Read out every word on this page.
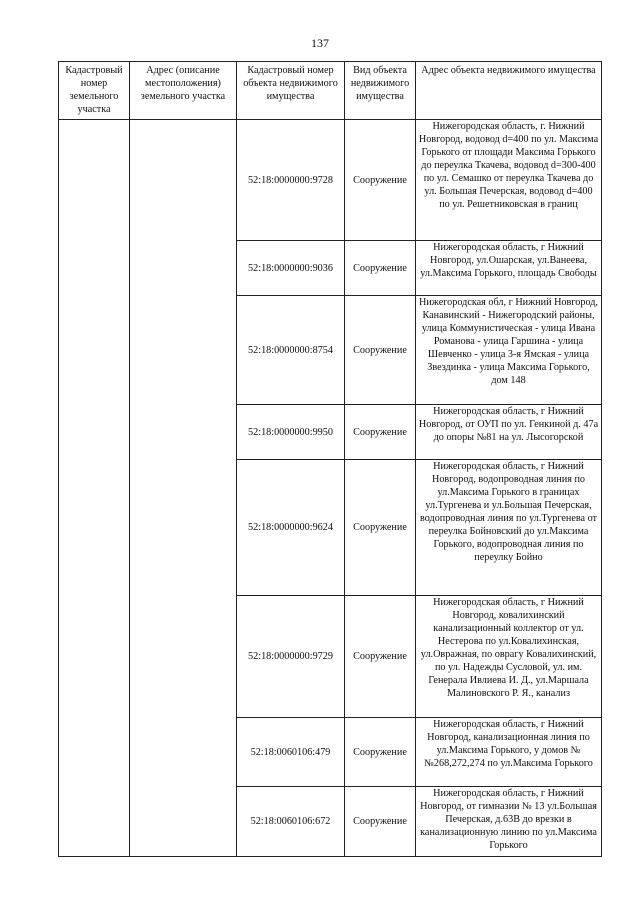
137
Кадастровый номер земельного участка	Адрес (описание местоположения) земельного участка	Кадастровый номер объекта недвижимого имущества	Вид объекта недвижимого имущества	Адрес объекта недвижимого имущества
		52:18:0000000:9728	Сооружение	Нижегородская область, г. Нижний Новгород, водовод d=400 по ул. Максима Горького от площади Максима Горького до переулка Ткачева, водовод d=300-400 по ул. Семашко от переулка Ткачева до ул. Большая Печерская, водовод d=400 по ул. Решетниковская в границ
		52:18:0000000:9036	Сооружение	Нижегородская область, г Нижний Новгород, ул.Ошарская, ул.Ванеева, ул.Максима Горького, площадь Свободы
		52:18:0000000:8754	Сооружение	Нижегородская обл, г Нижний Новгород, Канавинский - Нижегородский районы, улица Коммунистическая - улица Ивана Романова - улица Гаршина - улица Шевченко - улица 3-я Ямская - улица Звездинка - улица Максима Горького, дом 148
		52:18:0000000:9950	Сооружение	Нижегородская область, г Нижний Новгород, от ОУП по ул. Генкиной д. 47а до опоры №81 на ул. Лысогорской
		52:18:0000000:9624	Сооружение	Нижегородская область, г Нижний Новгород, водопроводная линия по ул.Максима Горького в границах ул.Тургенева и ул.Большая Печерская, водопроводная линия по ул.Тургенева от переулка Бойновский до ул.Максима Горького, водопроводная линия по переулку Бойно
		52:18:0000000:9729	Сооружение	Нижегородская область, г Нижний Новгород, ковалихинский канализационный коллектор от ул. Нестерова по ул.Ковалихинская, ул.Овражная, по оврагу Ковалихинский, по ул. Надежды Сусловой, ул. им. Генерала Ивлиева И. Д., ул.Маршала Малиновского Р. Я., канализ
		52:18:0060106:479	Сооружение	Нижегородская область, г Нижний Новгород, канализационная линия по ул.Максима Горького, у домов №№268,272,274 по ул.Максима Горького
		52:18:0060106:672	Сооружение	Нижегородская область, г Нижний Новгород, от гимназии № 13 ул.Большая Печерская, д.63В до врезки в канализационную линию по ул.Максима Горького
